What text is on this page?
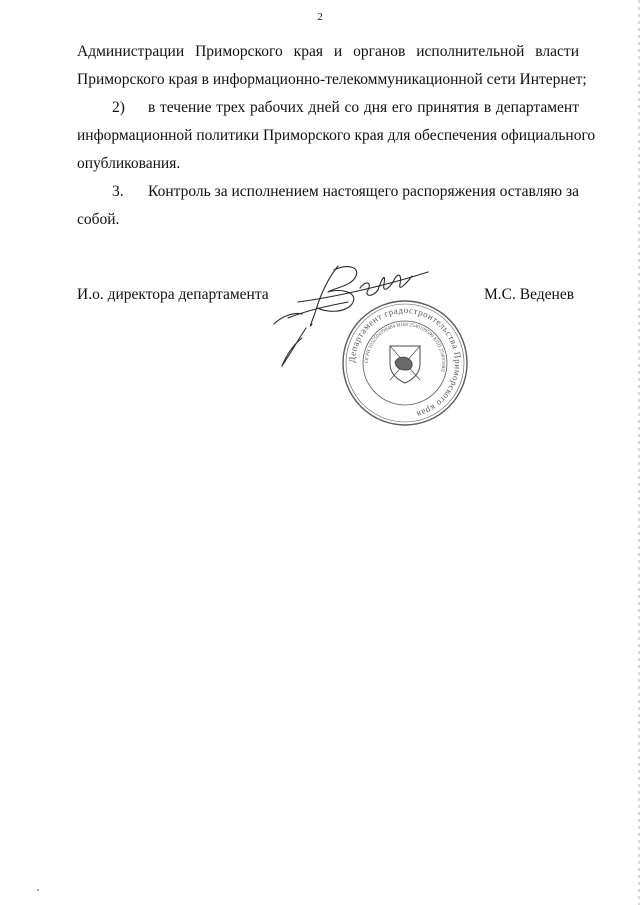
2
Администрации Приморского края и органов исполнительной власти
Приморского края в информационно-телекоммуникационной сети Интернет;
2) в течение трех рабочих дней со дня его принятия в департамент
информационной политики Приморского края для обеспечения официального
опубликования.
3. Контроль за исполнением настоящего распоряжения оставляю за
собой.
И.о. директора департамента	М.С. Веденев
Департамент градостроительства Приморского края
ОГРН 1052504398484 ИНН 2540109590 КПП 254001001
